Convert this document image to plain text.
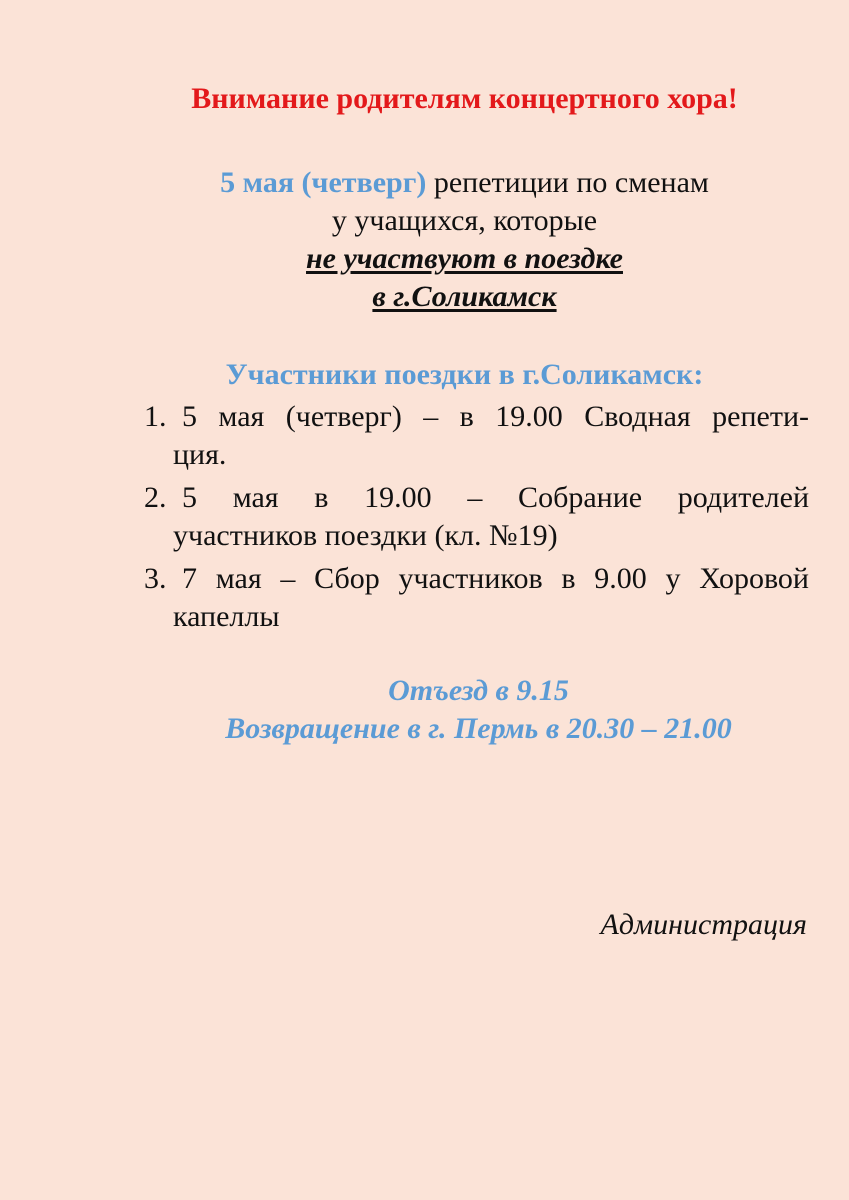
Внимание родителям концертного хора!
5 мая (четверг) репетиции по сменам
у учащихся, которые
не участвуют в поездке
в г.Соликамск
Участники поездки в г.Соликамск:
1. 5 мая (четверг) – в 19.00 Сводная репети-
ция.
2. 5 мая в 19.00 – Собрание родителей
участников поездки (кл. №19)
3. 7 мая – Сбор участников в 9.00 у Хоровой
капеллы
Отъезд в 9.15
Возвращение в г. Пермь в 20.30 – 21.00

Администрация
